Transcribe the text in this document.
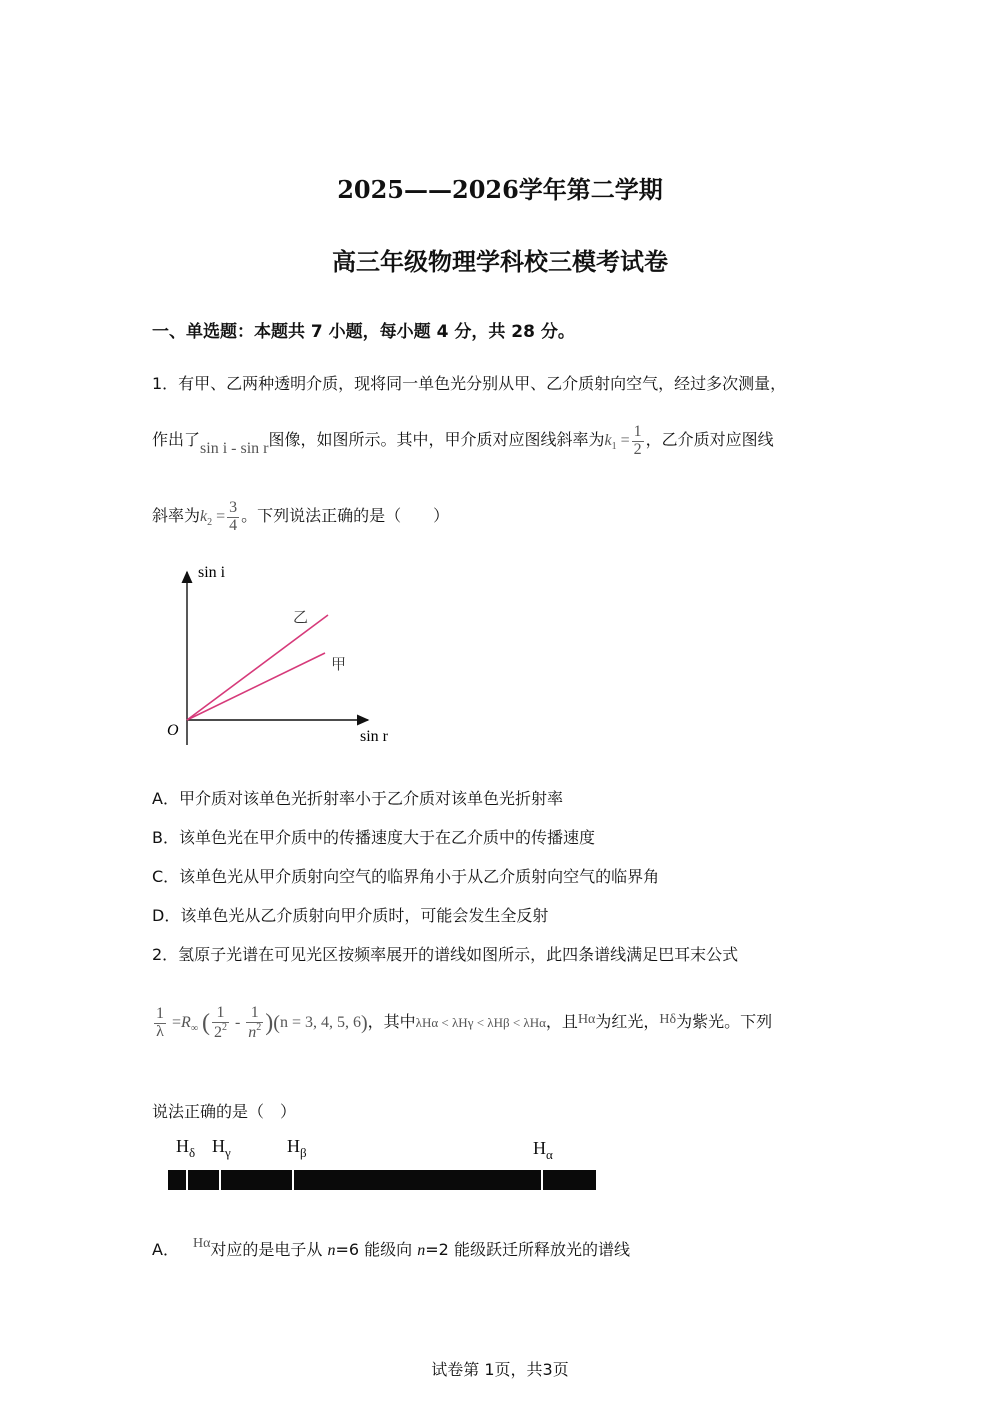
2025——2026学年第二学期
高三年级物理学科校三模考试卷
一、单选题：本题共 7 小题，每小题 4 分，共 28 分。
1．有甲、乙两种透明介质，现将同一单色光分别从甲、乙介质射向空气，经过多次测量，
作出了sin i - sin r图像，如图所示。其中，甲介质对应图线斜率为$k_1 = \frac{1}{2}$ ，乙介质对应图线
斜率为$k_2 = \frac{3}{4}$ 。下列说法正确的是（　　）
sin i
sin r
O
乙
甲
A．甲介质对该单色光折射率小于乙介质对该单色光折射率
B．该单色光在甲介质中的传播速度大于在乙介质中的传播速度
C．该单色光从甲介质射向空气的临界角小于从乙介质射向空气的临界角
D．该单色光从乙介质射向甲介质时，可能会发生全反射
2．氢原子光谱在可见光区按频率展开的谱线如图所示，此四条谱线满足巴耳末公式
$\frac{1}{\lambda} =R_\infty$ ( $\frac{1}{2^2} - \frac{1}{n^2} )(n = 3$, 4, 5, 6)，其中λHα < λHγ < λHβ < λHα，且Hα为红光，Hδ为紫光。下列
说法正确的是（　）
$H_\delta$ $H_\gamma$	$H_\beta$	$H_\alpha$
A． Hα对应的是电子从 n=6 能级向 n=2 能级跃迁所释放光的谱线
试卷第 1页，共3页
